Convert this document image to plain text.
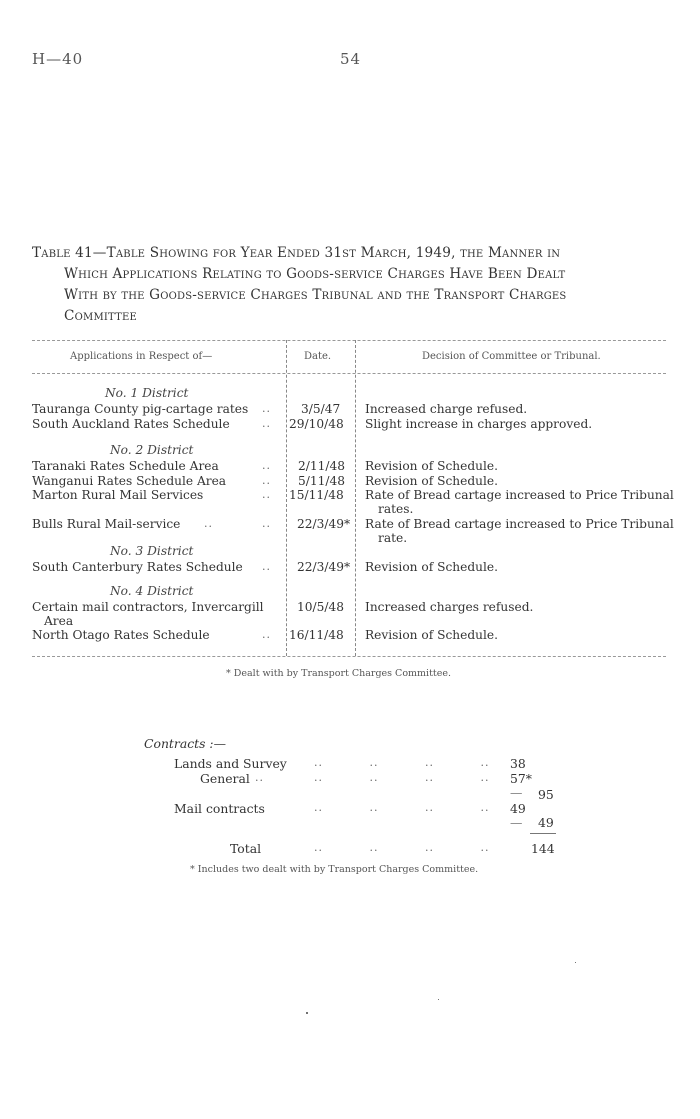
H—40	54
Table 41—Table Showing for Year Ended 31st March, 1949, the Manner in

Which Applications Relating to Goods-service Charges Have Been Dealt
With by the Goods-service Charges Tribunal and the Transport Charges
Committee
Applications in Respect of—	Date.	Decision of Committee or Tribunal.
No. 1 District
Tauranga County pig-cartage rates .. 3/5/47 Increased charge refused.
South Auckland Rates Schedule	.. 29/10/48 Slight increase in charges approved.
No. 2 District
Taranaki Rates Schedule Area	.. 2/11/48 Revision of Schedule.
Wanganui Rates Schedule Area	.. 5/11/48 Revision of Schedule.
Marton Rural Mail Services	.. 15/11/48 Rate of Bread cartage increased to Price Tribunal
rates.
Bulls Rural Mail-service ..	.. 22/3/49* Rate of Bread cartage increased to Price Tribunal
rate.
No. 3 District
South Canterbury Rates Schedule .. 22/3/49* Revision of Schedule.
No. 4 District
Certain mail contractors, Invercargill
Area
10/5/48 Increased charges refused.
North Otago Rates Schedule	.. 16/11/48 Revision of Schedule.
* Dealt with by Transport Charges Committee.
Contracts :—
Lands and Survey ..	..	..	.. 38
General ..	..	..	..	.. 57*
— 95
Mail contracts	..	..	..	.. 49
— 49
Total	..	..	..	..	144
* Includes two dealt with by Transport Charges Committee.
